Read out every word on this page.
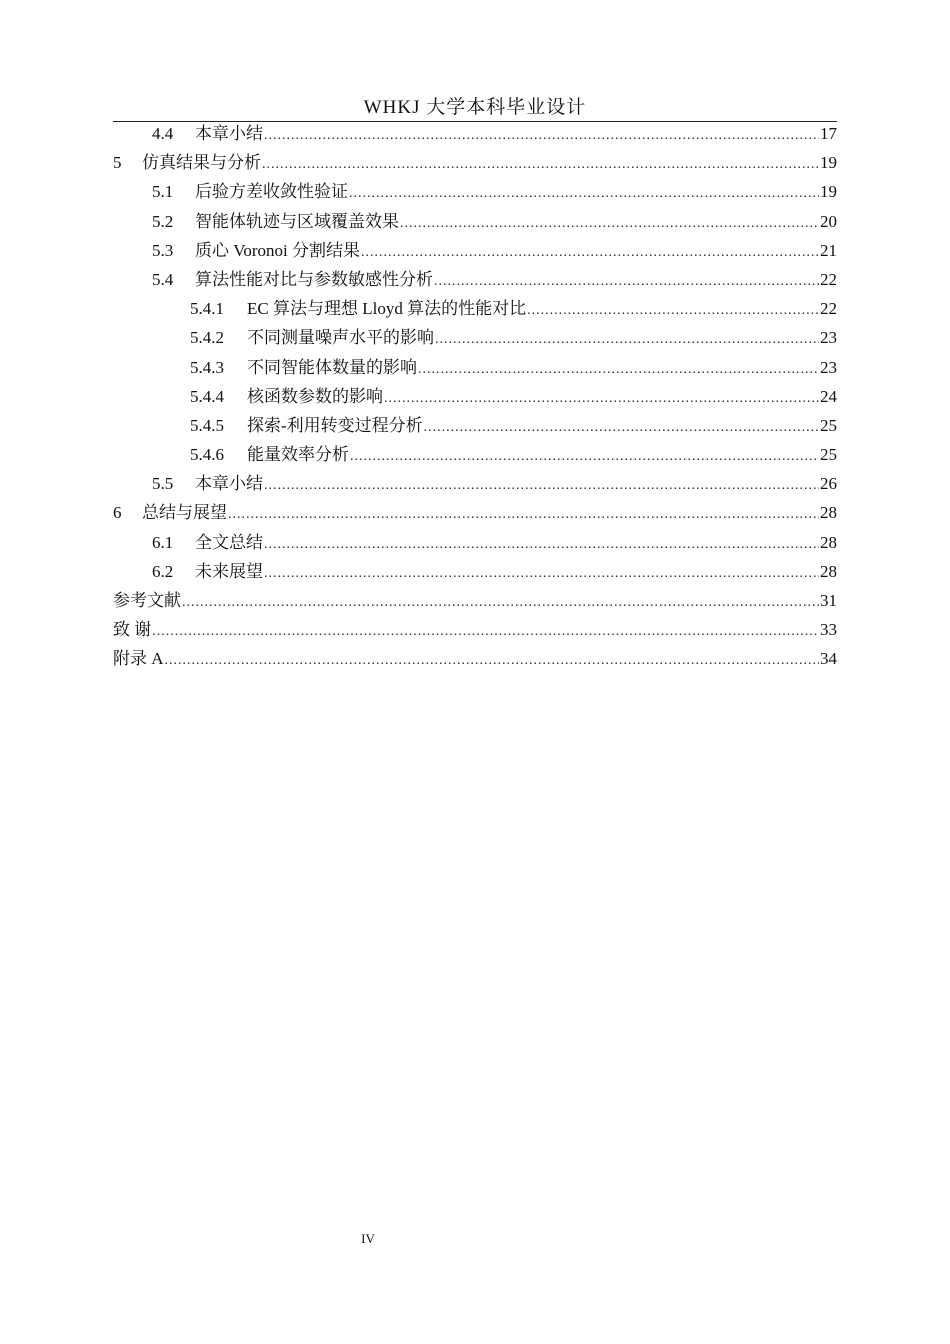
WHKJ 大学本科毕业设计
4.4	本章小结 .....	17
5	仿真结果与分析 .....	19
5.1	后验方差收敛性验证 .....	19
5.2	智能体轨迹与区域覆盖效果 .....	20
5.3	质心 Voronoi 分割结果 .....	21
5.4	算法性能对比与参数敏感性分析 .....	22
5.4.1	EC 算法与理想 Lloyd 算法的性能对比 .....	22
5.4.2	不同测量噪声水平的影响 .....	23
5.4.3	不同智能体数量的影响 .....	23
5.4.4	核函数参数的影响 .....	24
5.4.5	探索-利用转变过程分析 .....	25
5.4.6	能量效率分析 .....	25
5.5	本章小结 .....	26
6	总结与展望 .....	28
6.1	全文总结 .....	28
6.2	未来展望 .....	28
参考文献 .....	31
致 谢 .....	33
附录 A .....	34
IV
